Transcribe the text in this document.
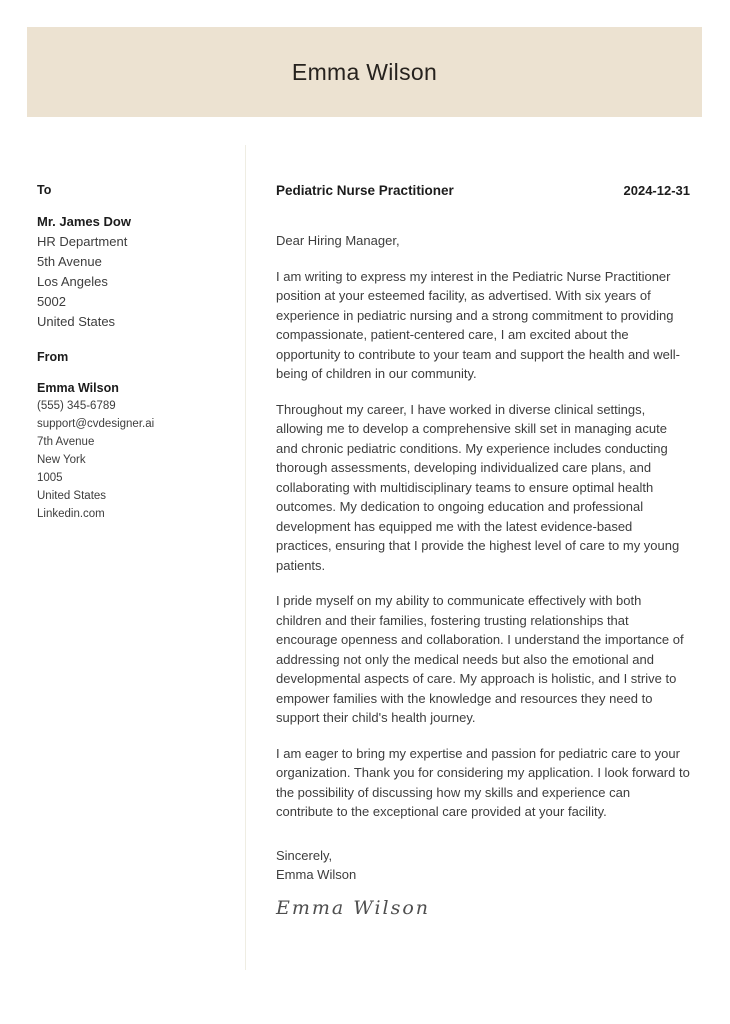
Emma Wilson
To
Mr. James Dow
HR Department
5th Avenue
Los Angeles
5002
United States
From
Emma Wilson
(555) 345-6789
support@cvdesigner.ai
7th Avenue
New York
1005
United States
Linkedin.com
Pediatric Nurse Practitioner	2024-12-31
Dear Hiring Manager,
I am writing to express my interest in the Pediatric Nurse Practitioner position at your esteemed facility, as advertised. With six years of experience in pediatric nursing and a strong commitment to providing compassionate, patient-centered care, I am excited about the opportunity to contribute to your team and support the health and well-being of children in our community.
Throughout my career, I have worked in diverse clinical settings, allowing me to develop a comprehensive skill set in managing acute and chronic pediatric conditions. My experience includes conducting thorough assessments, developing individualized care plans, and collaborating with multidisciplinary teams to ensure optimal health outcomes. My dedication to ongoing education and professional development has equipped me with the latest evidence-based practices, ensuring that I provide the highest level of care to my young patients.
I pride myself on my ability to communicate effectively with both children and their families, fostering trusting relationships that encourage openness and collaboration. I understand the importance of addressing not only the medical needs but also the emotional and developmental aspects of care. My approach is holistic, and I strive to empower families with the knowledge and resources they need to support their child's health journey.
I am eager to bring my expertise and passion for pediatric care to your organization. Thank you for considering my application. I look forward to the possibility of discussing how my skills and experience can contribute to the exceptional care provided at your facility.
Sincerely,
Emma Wilson
Emma Wilson
